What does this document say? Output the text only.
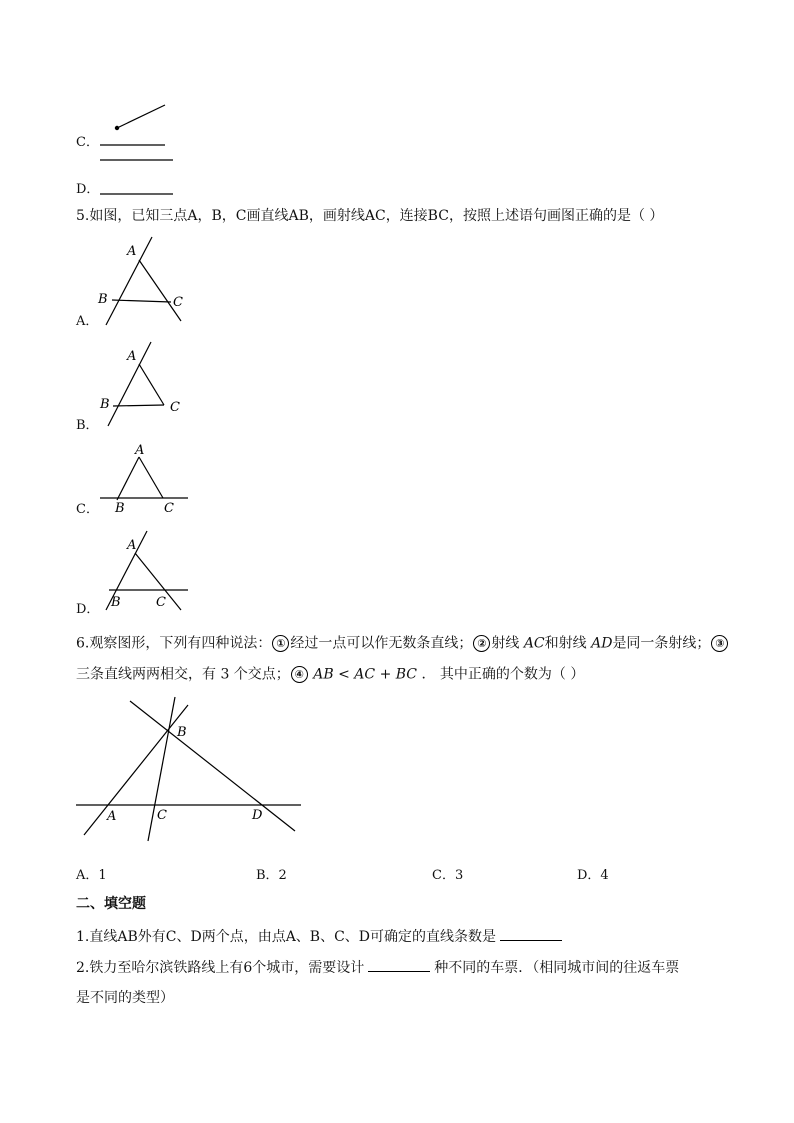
C．
D．
5.如图，已知三点A，B，C画直线AB，画射线AC，连接BC，按照上述语句画图正确的是（ ）
A．
A
B	C
B．
A
B	C
C．
A
B	C
D．
A
B	C
6.观察图形，下列有四种说法： ① 经过一点可以作无数条直线； ② 射线 AC和射线 AD是同一条射线； ③
三条直线两两相交，有 3 个交点； ④ AB < AC + BC ． 其中正确的个数为（ ）
B
A	C	D
A．1	B．2	C．3	D．4
二、填空题
1.直线AB外有C、D两个点，由点A、B、C、D可确定的直线条数是
2.铁力至哈尔滨铁路线上有6个城市，需要设计	种不同的车票．（相同城市间的往返车票
是不同的类型）
